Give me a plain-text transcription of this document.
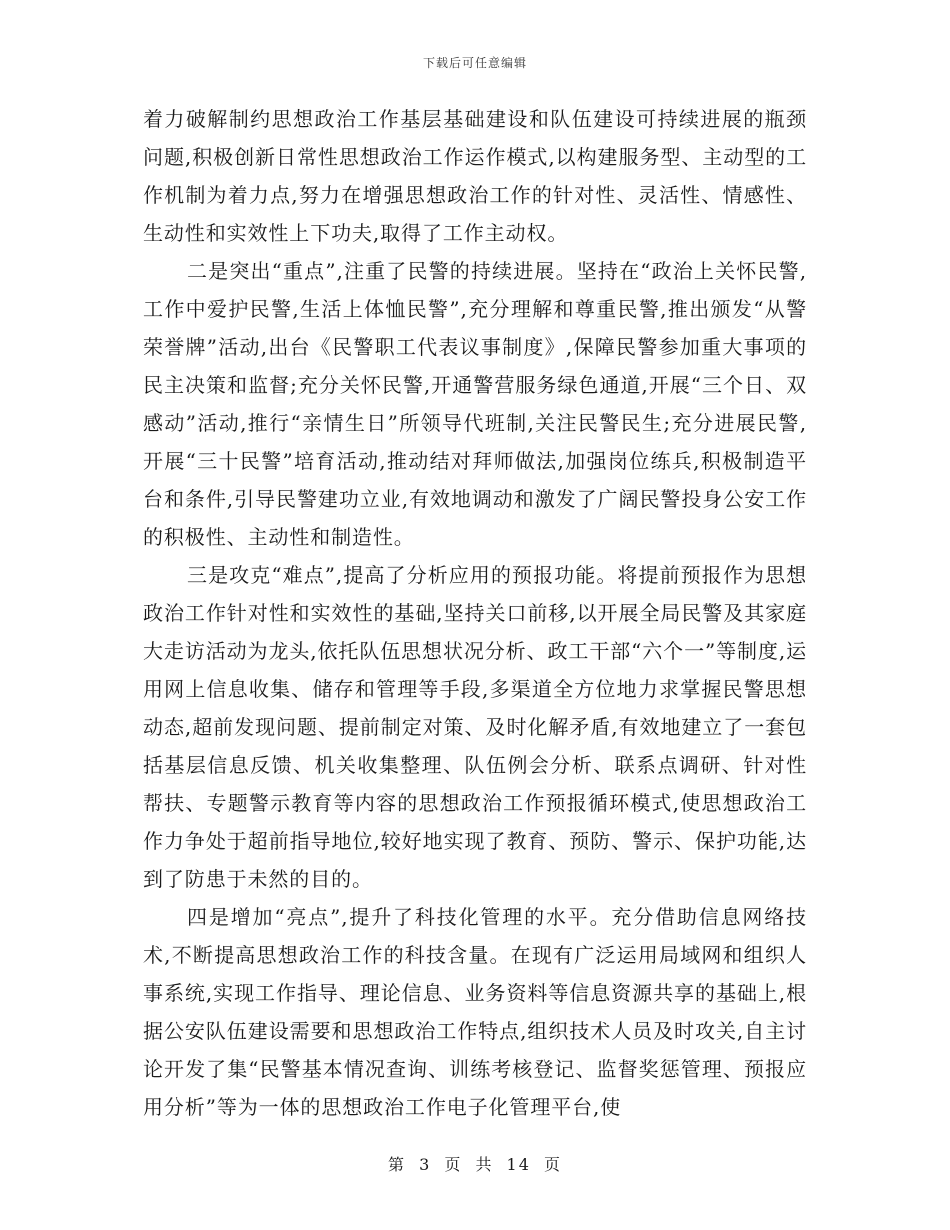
下载后可任意编辑

着力破解制约思想政治工作基层基础建设和队伍建设可持续进展的瓶颈问题,积极创新日常性思想政治工作运作模式,以构建服务型、主动型的工作机制为着力点,努力在增强思想政治工作的针对性、灵活性、情感性、生动性和实效性上下功夫,取得了工作主动权。

二是突出“重点”,注重了民警的持续进展。坚持在“政治上关怀民警,工作中爱护民警,生活上体恤民警”,充分理解和尊重民警,推出颁发“从警荣誉牌”活动,出台《民警职工代表议事制度》,保障民警参加重大事项的民主决策和监督;充分关怀民警,开通警营服务绿色通道,开展“三个日、双感动”活动,推行“亲情生日”所领导代班制,关注民警民生;充分进展民警,开展“三十民警”培育活动,推动结对拜师做法,加强岗位练兵,积极制造平台和条件,引导民警建功立业,有效地调动和激发了广阔民警投身公安工作的积极性、主动性和制造性。

三是攻克“难点”,提高了分析应用的预报功能。将提前预报作为思想政治工作针对性和实效性的基础,坚持关口前移,以开展全局民警及其家庭大走访活动为龙头,依托队伍思想状况分析、政工干部“六个一”等制度,运用网上信息收集、储存和管理等手段,多渠道全方位地力求掌握民警思想动态,超前发现问题、提前制定对策、及时化解矛盾,有效地建立了一套包括基层信息反馈、机关收集整理、队伍例会分析、联系点调研、针对性帮扶、专题警示教育等内容的思想政治工作预报循环模式,使思想政治工作力争处于超前指导地位,较好地实现了教育、预防、警示、保护功能,达到了防患于未然的目的。

四是增加“亮点”,提升了科技化管理的水平。充分借助信息网络技术,不断提高思想政治工作的科技含量。在现有广泛运用局域网和组织人事系统,实现工作指导、理论信息、业务资料等信息资源共享的基础上,根据公安队伍建设需要和思想政治工作特点,组织技术人员及时攻关,自主讨论开发了集“民警基本情况查询、训练考核登记、监督奖惩管理、预报应用分析”等为一体的思想政治工作电子化管理平台,使

第 3 页 共 14 页
